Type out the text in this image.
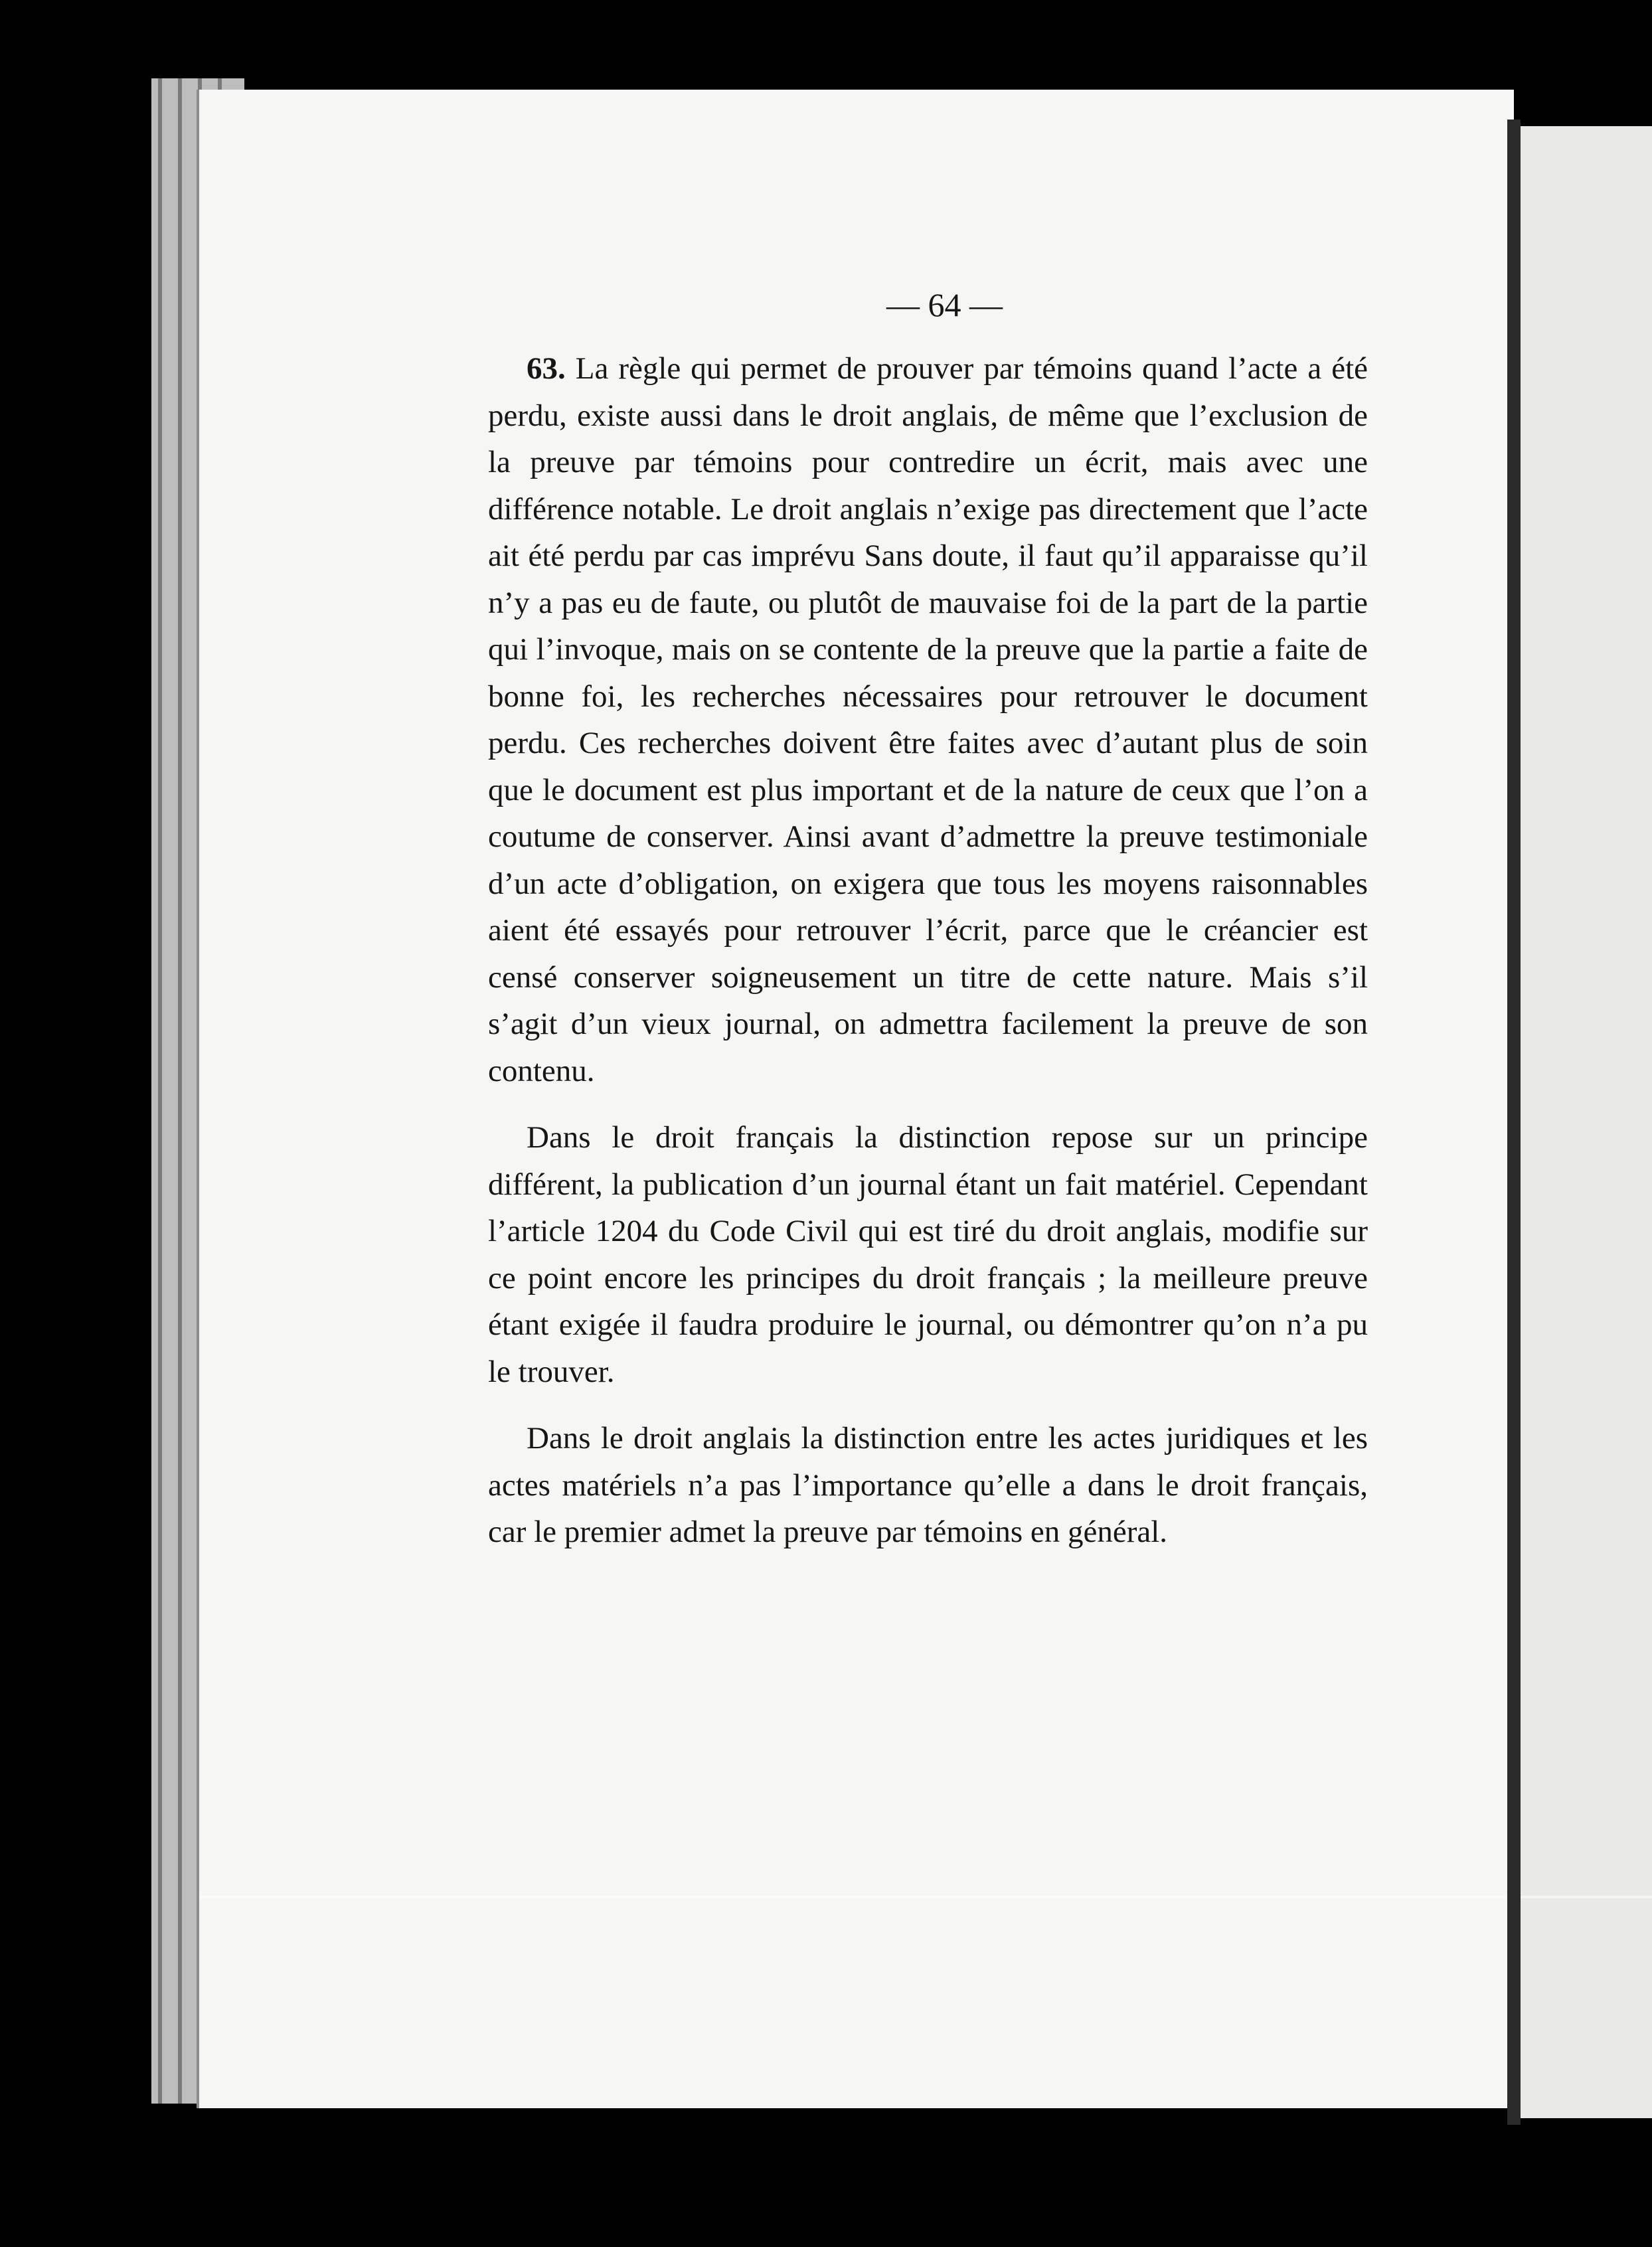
— 64 —

63. La règle qui permet de prouver par témoins quand l’acte a été perdu, existe aussi dans le droit anglais, de même que l’exclusion de la preuve par témoins pour contredire un écrit, mais avec une différence notable. Le droit anglais n’exige pas directement que l’acte ait été perdu par cas imprévu Sans doute, il faut qu’il apparaisse qu’il n’y a pas eu de faute, ou plutôt de mauvaise foi de la part de la partie qui l’invoque, mais on se contente de la preuve que la partie a faite de bonne foi, les recherches nécessaires pour retrouver le document perdu. Ces recherches doivent être faites avec d’autant plus de soin que le document est plus important et de la nature de ceux que l’on a coutume de conserver. Ainsi avant d’admettre la preuve testimoniale d’un acte d’obligation, on exigera que tous les moyens raisonnables aient été essayés pour retrouver l’écrit, parce que le créancier est censé conserver soigneusement un titre de cette nature. Mais s’il s’agit d’un vieux journal, on admettra facilement la preuve de son contenu.

Dans le droit français la distinction repose sur un principe différent, la publication d’un journal étant un fait matériel. Cependant l’article 1204 du Code Civil qui est tiré du droit anglais, modifie sur ce point encore les principes du droit français ; la meilleure preuve étant exigée il faudra produire le journal, ou démontrer qu’on n’a pu le trouver.

Dans le droit anglais la distinction entre les actes juridiques et les actes matériels n’a pas l’importance qu’elle a dans le droit français, car le premier admet la preuve par témoins en général.
